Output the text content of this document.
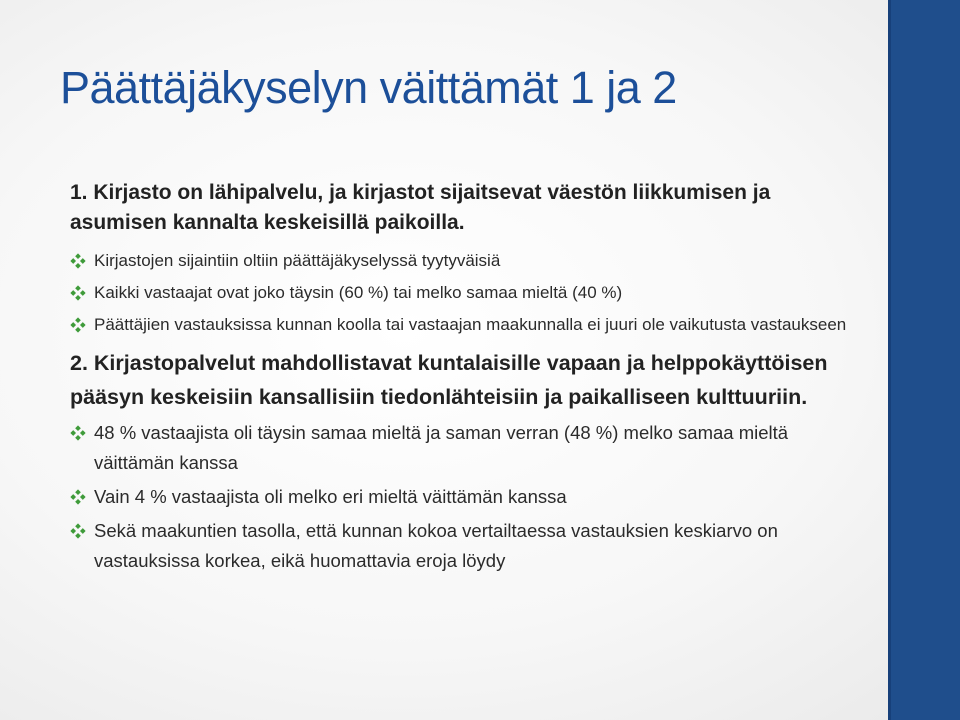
Päättäjäkyselyn väittämät 1 ja 2

1. Kirjasto on lähipalvelu, ja kirjastot sijaitsevat väestön liikkumisen ja asumisen kannalta keskeisillä paikoilla.

Kirjastojen sijaintiin oltiin päättäjäkyselyssä tyytyväisiä

Kaikki vastaajat ovat joko täysin (60 %) tai melko samaa mieltä (40 %)

Päättäjien vastauksissa kunnan koolla tai vastaajan maakunnalla ei juuri ole vaikutusta vastaukseen

2. Kirjastopalvelut mahdollistavat kuntalaisille vapaan ja helppokäyttöisen pääsyn keskeisiin kansallisiin tiedonlähteisiin ja paikalliseen kulttuuriin.

48 % vastaajista oli täysin samaa mieltä ja saman verran (48 %) melko samaa mieltä väittämän kanssa

Vain 4 % vastaajista oli melko eri mieltä väittämän kanssa

Sekä maakuntien tasolla, että kunnan kokoa vertailtaessa vastauksien keskiarvo on vastauksissa korkea, eikä huomattavia eroja löydy
